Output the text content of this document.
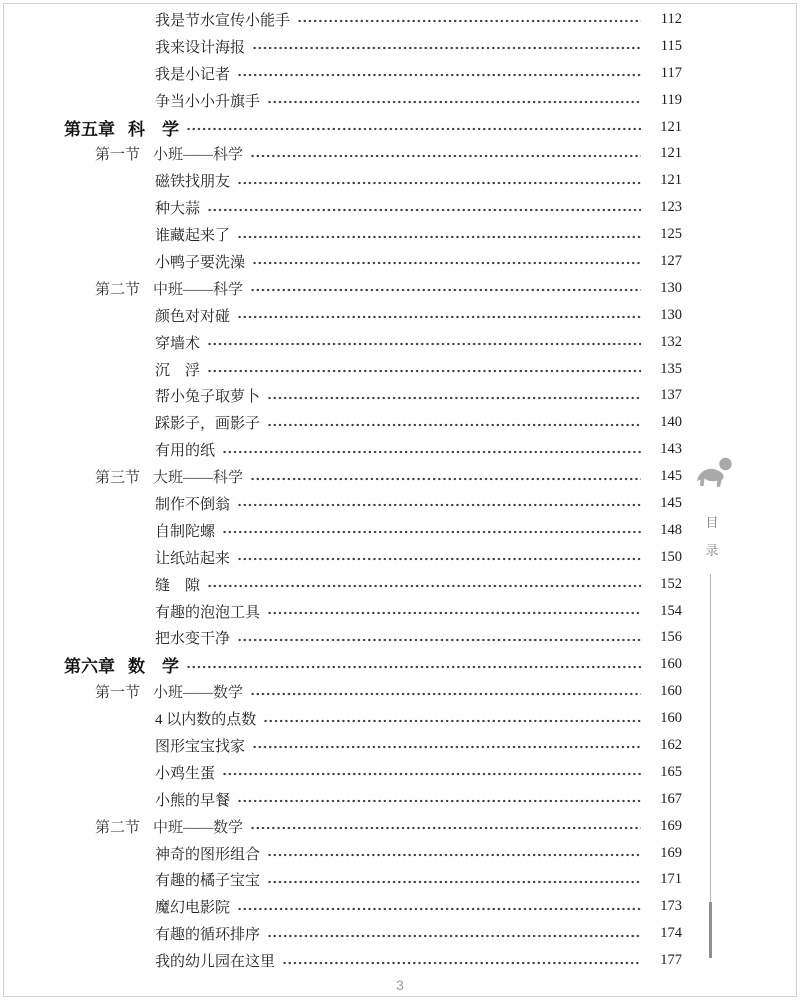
我是节水宣传小能手	112
我来设计海报	115
我是小记者	117
争当小小升旗手	119
第五章 科　学	121
第一节 小班——科学	121
磁铁找朋友	121
种大蒜	123
谁藏起来了	125
小鸭子要洗澡	127
第二节 中班——科学	130
颜色对对碰	130
穿墙术	132
沉　浮	135
帮小兔子取萝卜	137
踩影子，画影子	140
有用的纸	143
第三节 大班——科学	145
制作不倒翁	145
自制陀螺	148
让纸站起来	150
缝　隙	152
有趣的泡泡工具	154
把水变干净	156
第六章 数　学	160
第一节 小班——数学	160
4 以内数的点数	160
图形宝宝找家	162
小鸡生蛋	165
小熊的早餐	167
第二节 中班——数学	169
神奇的图形组合	169
有趣的橘子宝宝	171
魔幻电影院	173
有趣的循环排序	174
我的幼儿园在这里	177
目
录
3
